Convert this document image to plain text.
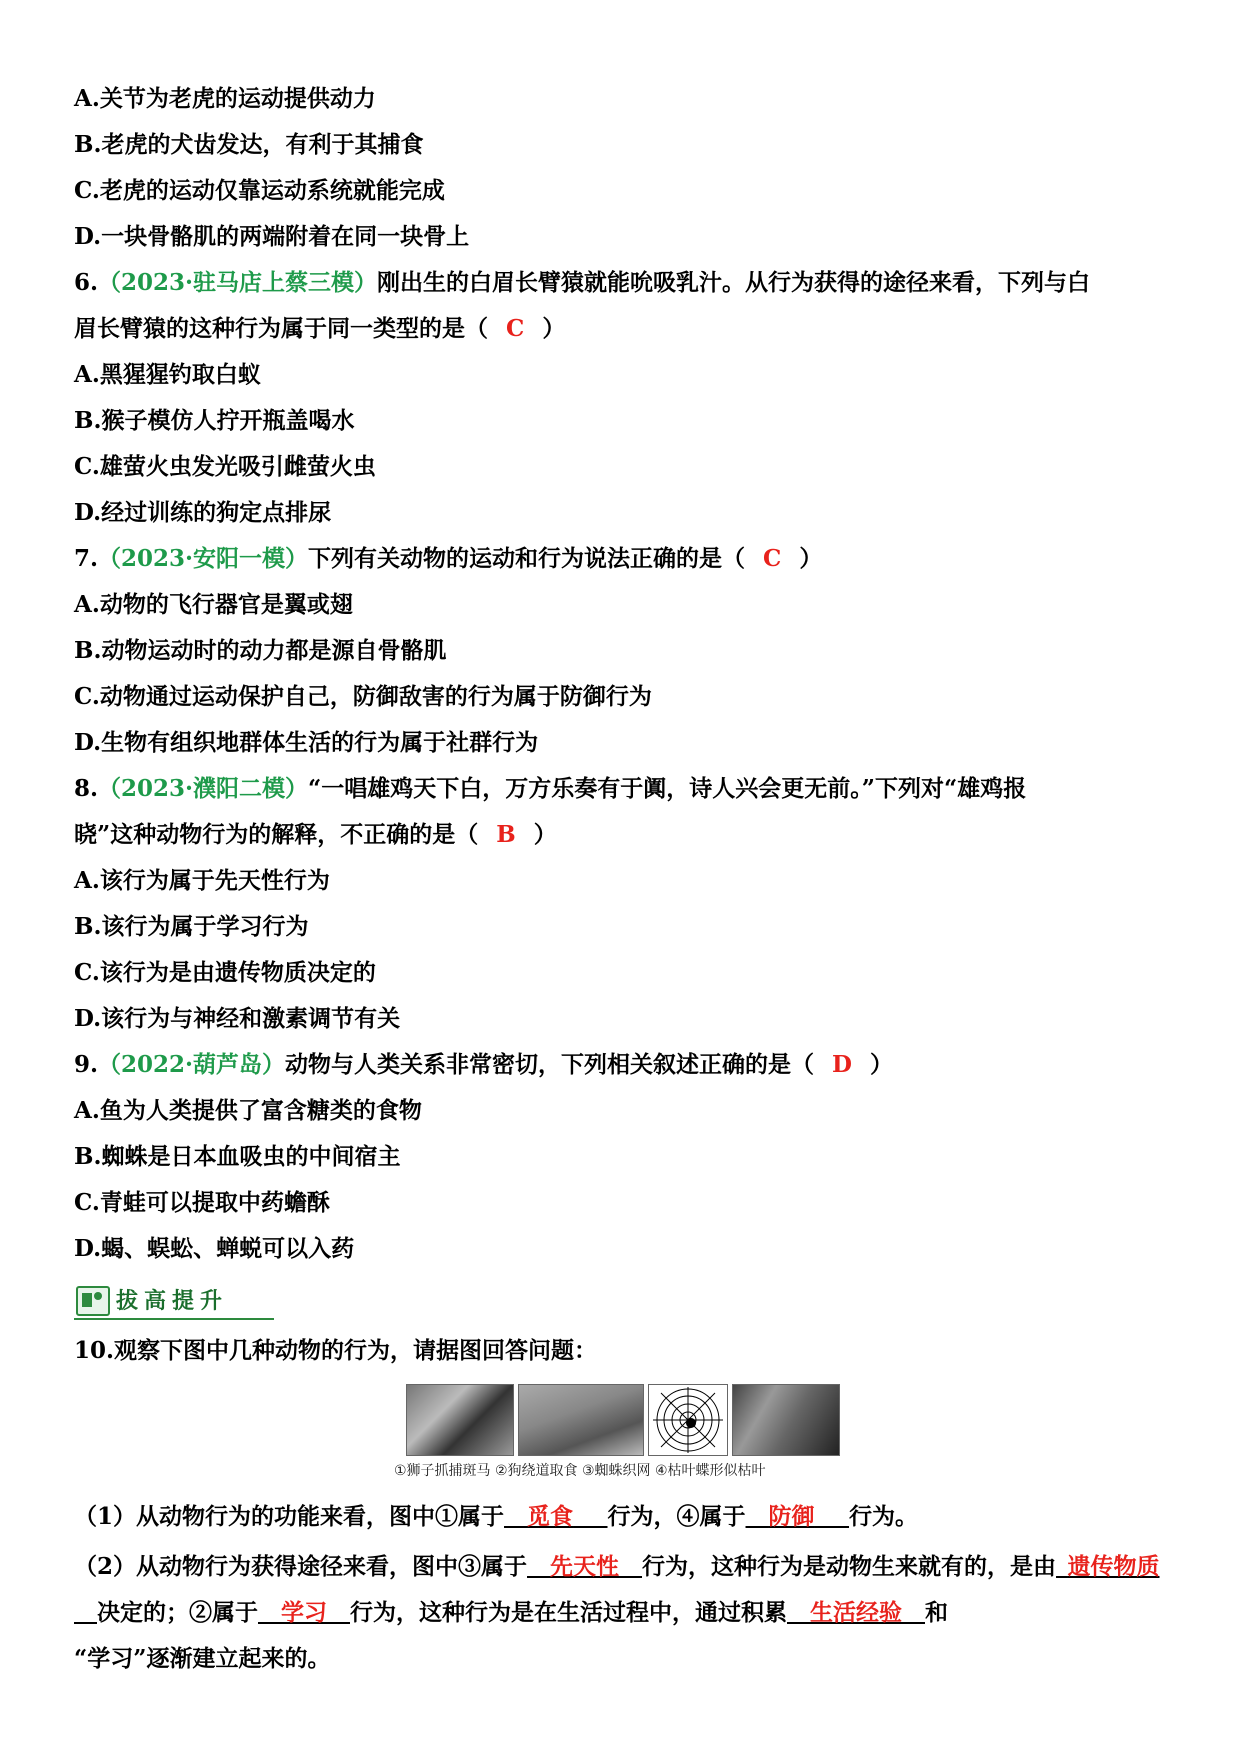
A.关节为老虎的运动提供动力
B.老虎的犬齿发达，有利于其捕食
C.老虎的运动仅靠运动系统就能完成
D.一块骨骼肌的两端附着在同一块骨上
6.（2023·驻马店上蔡三模）刚出生的白眉长臂猿就能吮吸乳汁。从行为获得的途径来看，下列与白
眉长臂猿的这种行为属于同一类型的是（ C ）
A.黑猩猩钓取白蚁
B.猴子模仿人拧开瓶盖喝水
C.雄萤火虫发光吸引雌萤火虫
D.经过训练的狗定点排尿
7.（2023·安阳一模）下列有关动物的运动和行为说法正确的是（ C ）
A.动物的飞行器官是翼或翅
B.动物运动时的动力都是源自骨骼肌
C.动物通过运动保护自己，防御敌害的行为属于防御行为
D.生物有组织地群体生活的行为属于社群行为
8.（2023·濮阳二模）“一唱雄鸡天下白，万方乐奏有于阗，诗人兴会更无前。”下列对“雄鸡报
晓”这种动物行为的解释，不正确的是（ B ）
A.该行为属于先天性行为
B.该行为属于学习行为
C.该行为是由遗传物质决定的
D.该行为与神经和激素调节有关
9.（2022·葫芦岛）动物与人类关系非常密切，下列相关叙述正确的是（ D ）
A.鱼为人类提供了富含糖类的食物
B.蜘蛛是日本血吸虫的中间宿主
C.青蛙可以提取中药蟾酥
D.蝎、蜈蚣、蝉蜕可以入药
拔高提升
10.观察下图中几种动物的行为，请据图回答问题：
①狮子抓捕斑马 ②狗绕道取食 ③蜘蛛织网 ④枯叶蝶形似枯叶
（1）从动物行为的功能来看，图中①属于 觅食 行为，④属于 防御 行为。
（2）从动物行为获得途径来看，图中③属于 先天性 行为，这种行为是动物生来就有的，是由 遗传物质决定的；②属于 学习 行为，这种行为是在生活过程中，通过积累 生活经验 和
“学习”逐渐建立起来的。
